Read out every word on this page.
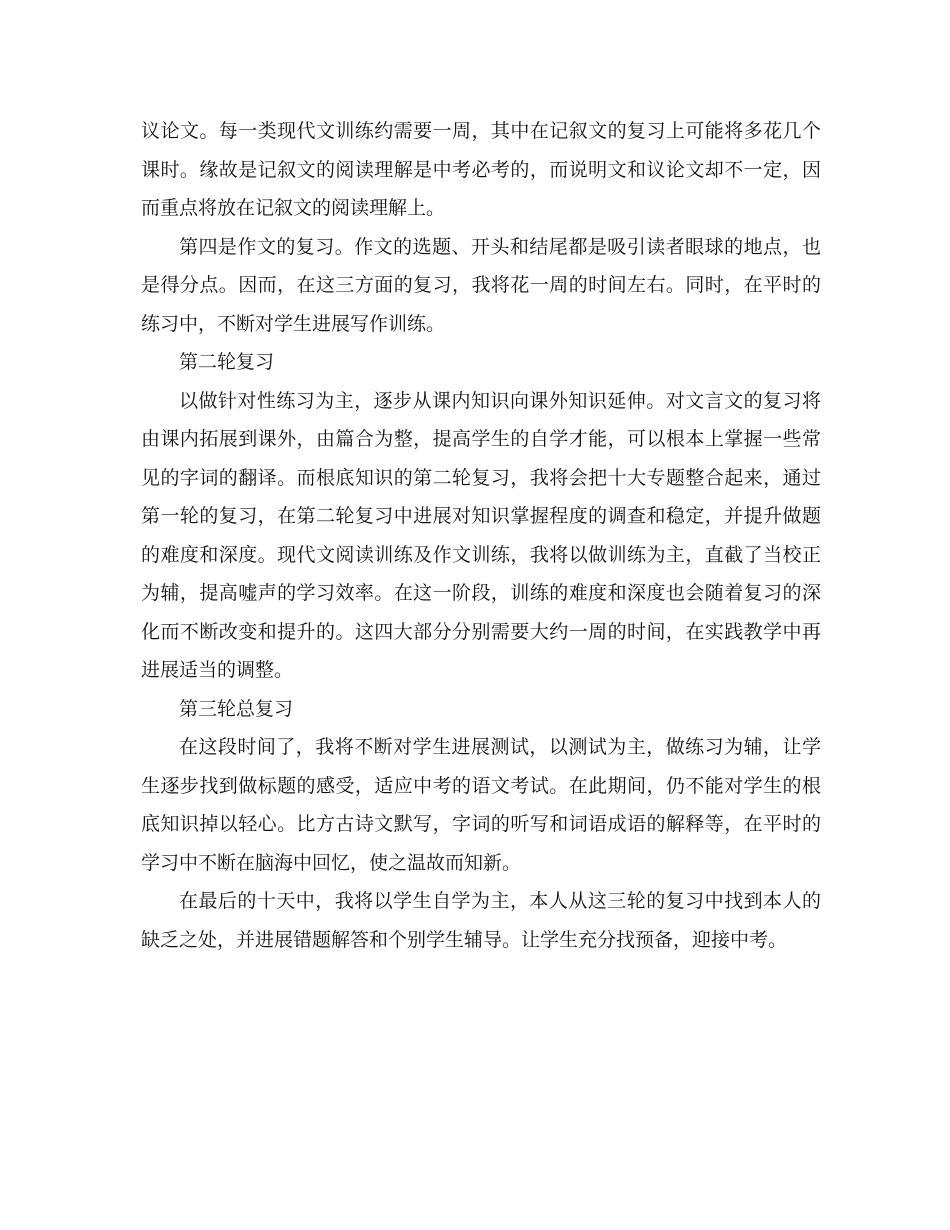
议论文。每一类现代文训练约需要一周，其中在记叙文的复习上可能将多花几个课时。缘故是记叙文的阅读理解是中考必考的，而说明文和议论文却不一定，因而重点将放在记叙文的阅读理解上。

第四是作文的复习。作文的选题、开头和结尾都是吸引读者眼球的地点，也是得分点。因而，在这三方面的复习，我将花一周的时间左右。同时，在平时的练习中，不断对学生进展写作训练。

第二轮复习

以做针对性练习为主，逐步从课内知识向课外知识延伸。对文言文的复习将由课内拓展到课外，由篇合为整，提高学生的自学才能，可以根本上掌握一些常见的字词的翻译。而根底知识的第二轮复习，我将会把十大专题整合起来，通过第一轮的复习，在第二轮复习中进展对知识掌握程度的调查和稳定，并提升做题的难度和深度。现代文阅读训练及作文训练，我将以做训练为主，直截了当校正为辅，提高嘘声的学习效率。在这一阶段，训练的难度和深度也会随着复习的深化而不断改变和提升的。这四大部分分别需要大约一周的时间，在实践教学中再进展适当的调整。

第三轮总复习

在这段时间了，我将不断对学生进展测试，以测试为主，做练习为辅，让学生逐步找到做标题的感受，适应中考的语文考试。在此期间，仍不能对学生的根底知识掉以轻心。比方古诗文默写，字词的听写和词语成语的解释等，在平时的学习中不断在脑海中回忆，使之温故而知新。

在最后的十天中，我将以学生自学为主，本人从这三轮的复习中找到本人的缺乏之处，并进展错题解答和个别学生辅导。让学生充分找预备，迎接中考。
